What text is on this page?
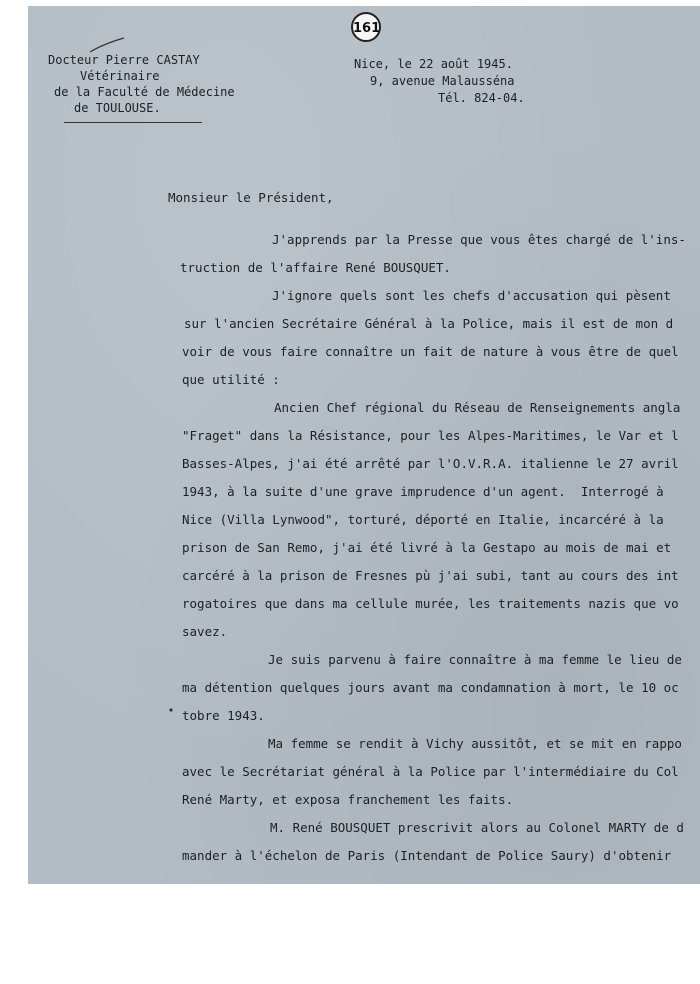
161
Docteur Pierre CASTAY
Vétérinaire
de la Faculté de Médecine
de TOULOUSE.
Nice, le 22 août 1945.
9, avenue Malausséna
Tél. 824-04.
Monsieur le Président,
J'apprends par la Presse que vous êtes chargé de l'ins-
truction de l'affaire René BOUSQUET.
J'ignore quels sont les chefs d'accusation qui pèsent
sur l'ancien Secrétaire Général à la Police, mais il est de mon d
voir de vous faire connaître un fait de nature à vous être de quel
que utilité :
Ancien Chef régional du Réseau de Renseignements angla
"Fraget" dans la Résistance, pour les Alpes-Maritimes, le Var et l
Basses-Alpes, j'ai été arrêté par l'O.V.R.A. italienne le 27 avril
1943, à la suite d'une grave imprudence d'un agent.  Interrogé à
Nice (Villa Lynwood", torturé, déporté en Italie, incarcéré à la
prison de San Remo, j'ai été livré à la Gestapo au mois de mai et
carcéré à la prison de Fresnes pù j'ai subi, tant au cours des int
rogatoires que dans ma cellule murée, les traitements nazis que vo
savez.
Je suis parvenu à faire connaître à ma femme le lieu de
ma détention quelques jours avant ma condamnation à mort, le 10 oc
tobre 1943.
Ma femme se rendit à Vichy aussitôt, et se mit en rappo
avec le Secrétariat général à la Police par l'intermédiaire du Col
René Marty, et exposa franchement les faits.
M. René BOUSQUET prescrivit alors au Colonel MARTY de d
mander à l'échelon de Paris (Intendant de Police Saury) d'obtenir
